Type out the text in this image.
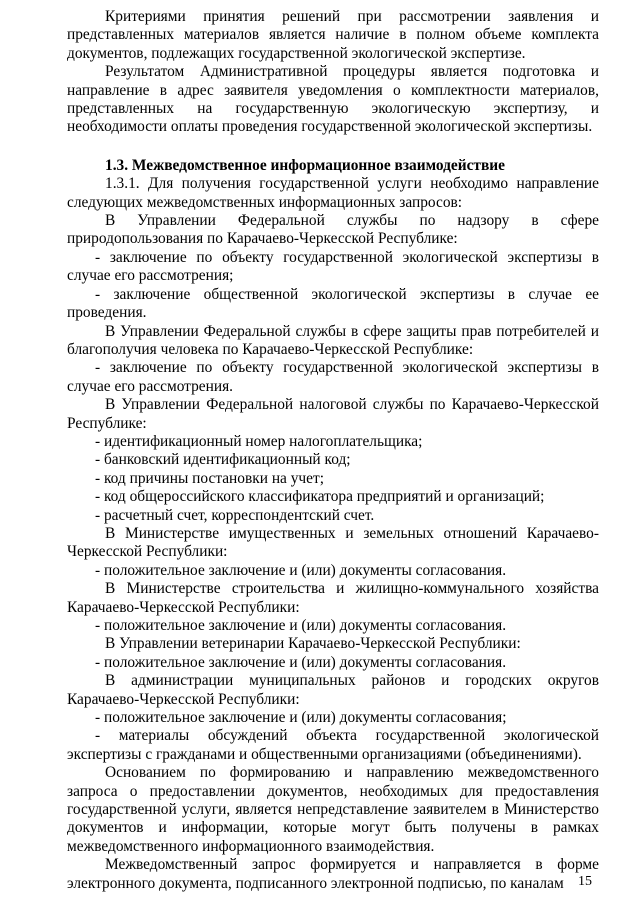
Критериями принятия решений при рассмотрении заявления и представленных материалов является наличие в полном объеме комплекта документов, подлежащих государственной экологической экспертизе.

Результатом Административной процедуры является подготовка и направление в адрес заявителя уведомления о комплектности материалов, представленных на государственную экологическую экспертизу, и необходимости оплаты проведения государственной экологической экспертизы.

1.3. Межведомственное информационное взаимодействие

1.3.1. Для получения государственной услуги необходимо направление следующих межведомственных информационных запросов:

В Управлении Федеральной службы по надзору в сфере природопользования по Карачаево-Черкесской Республике:

- заключение по объекту государственной экологической экспертизы в случае его рассмотрения;

- заключение общественной экологической экспертизы в случае ее проведения.

В Управлении Федеральной службы в сфере защиты прав потребителей и благополучия человека по Карачаево-Черкесской Республике:

- заключение по объекту государственной экологической экспертизы в случае его рассмотрения.

В Управлении Федеральной налоговой службы по Карачаево-Черкесской Республике:

- идентификационный номер налогоплательщика;

- банковский идентификационный код;

- код причины постановки на учет;

- код общероссийского классификатора предприятий и организаций;

- расчетный счет, корреспондентский счет.

В Министерстве имущественных и земельных отношений Карачаево-Черкесской Республики:

- положительное заключение и (или) документы согласования.

В Министерстве строительства и жилищно-коммунального хозяйства Карачаево-Черкесской Республики:

- положительное заключение и (или) документы согласования.

В Управлении ветеринарии Карачаево-Черкесской Республики:

- положительное заключение и (или) документы согласования.

В администрации муниципальных районов и городских округов Карачаево-Черкесской Республики:

- положительное заключение и (или) документы согласования;

- материалы обсуждений объекта государственной экологической экспертизы с гражданами и общественными организациями (объединениями).

Основанием по формированию и направлению межведомственного запроса о предоставлении документов, необходимых для предоставления государственной услуги, является непредставление заявителем в Министерство документов и информации, которые могут быть получены в рамках межведомственного информационного взаимодействия.

Межведомственный запрос формируется и направляется в форме электронного документа, подписанного электронной подписью, по каналам	15
